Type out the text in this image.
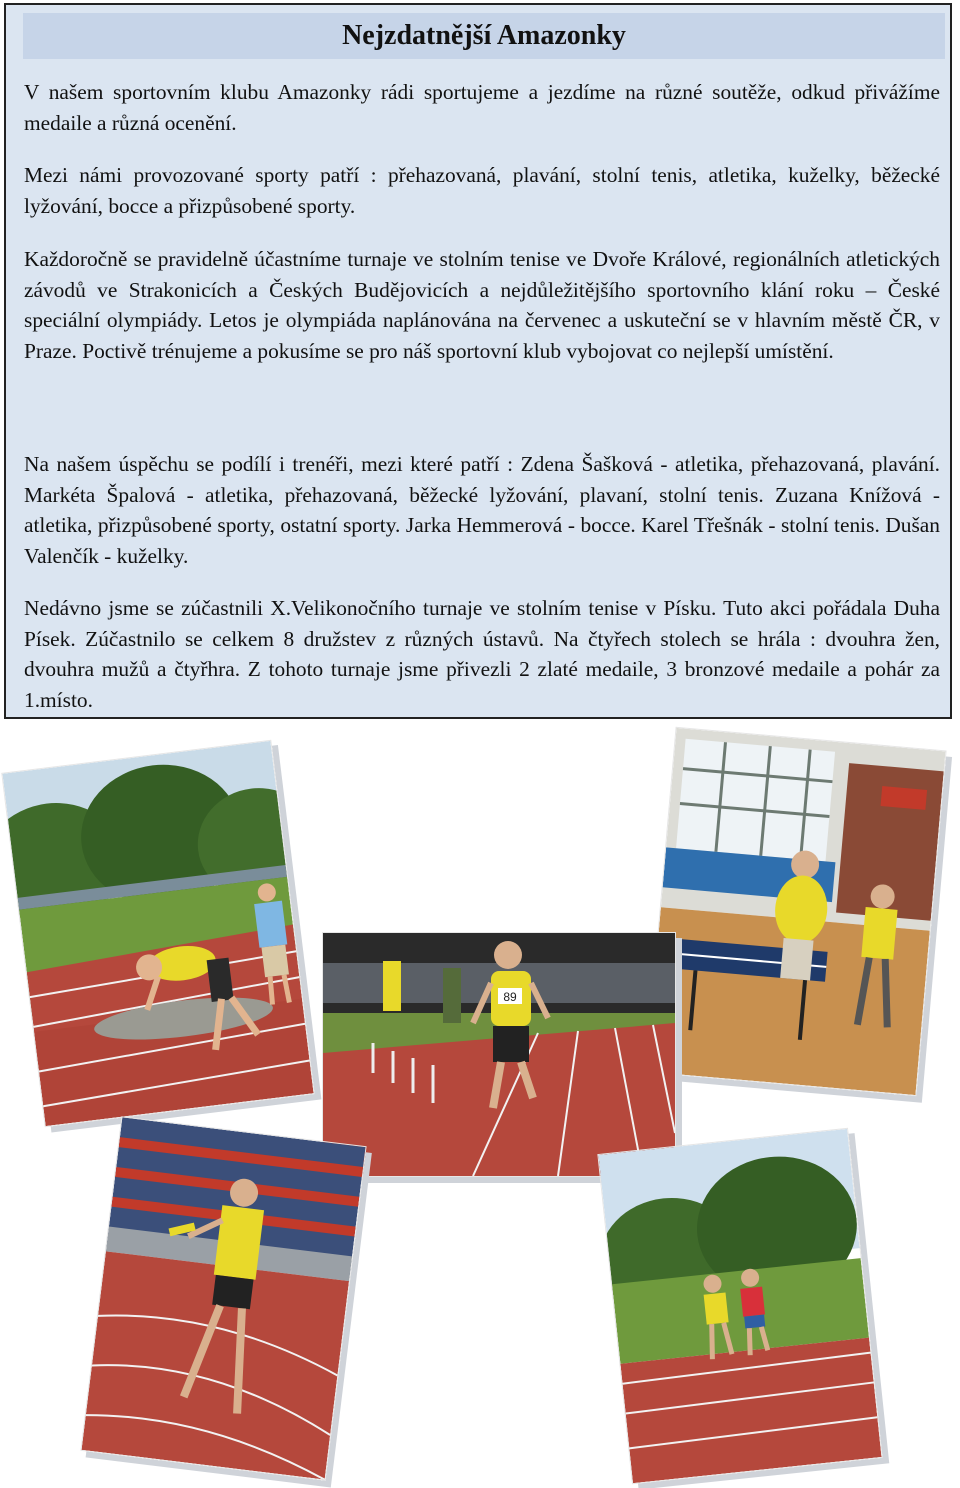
Nejzdatnější Amazonky

V našem sportovním klubu Amazonky rádi sportujeme a jezdíme na různé soutěže, odkud přivážíme medaile a různá ocenění.

Mezi námi provozované sporty patří : přehazovaná, plavání, stolní tenis, atletika, kuželky, běžecké lyžování, bocce a přizpůsobené sporty.

Každoročně se pravidelně účastníme turnaje ve stolním tenise ve Dvoře Králové, regionálních atletických závodů ve Strakonicích a Českých Budějovicích a nejdůležitějšího sportovního klání roku – České speciální olympiády. Letos je olympiáda naplánována na červenec a uskuteční se v hlavním městě ČR, v Praze. Poctivě trénujeme a pokusíme se pro náš sportovní klub vybojovat co nejlepší umístění.

Na našem úspěchu se podílí i trenéři, mezi které patří : Zdena Šašková - atletika, přehazovaná, plavání. Markéta Špalová - atletika, přehazovaná, běžecké lyžování, plavaní, stolní tenis. Zuzana Knížová - atletika, přizpůsobené sporty, ostatní sporty. Jarka Hemmerová - bocce. Karel Třešnák - stolní tenis. Dušan Valenčík - kuželky.

Nedávno jsme se zúčastnili X.Velikonočního turnaje ve stolním tenise v Písku. Tuto akci pořádala Duha Písek. Zúčastnilo se celkem 8 družstev z různých ústavů. Na čtyřech stolech se hrála : dvouhra žen, dvouhra mužů a čtyřhra. Z tohoto turnaje jsme přivezli 2 zlaté medaile, 3 bronzové medaile a pohár za 1.místo.

89
